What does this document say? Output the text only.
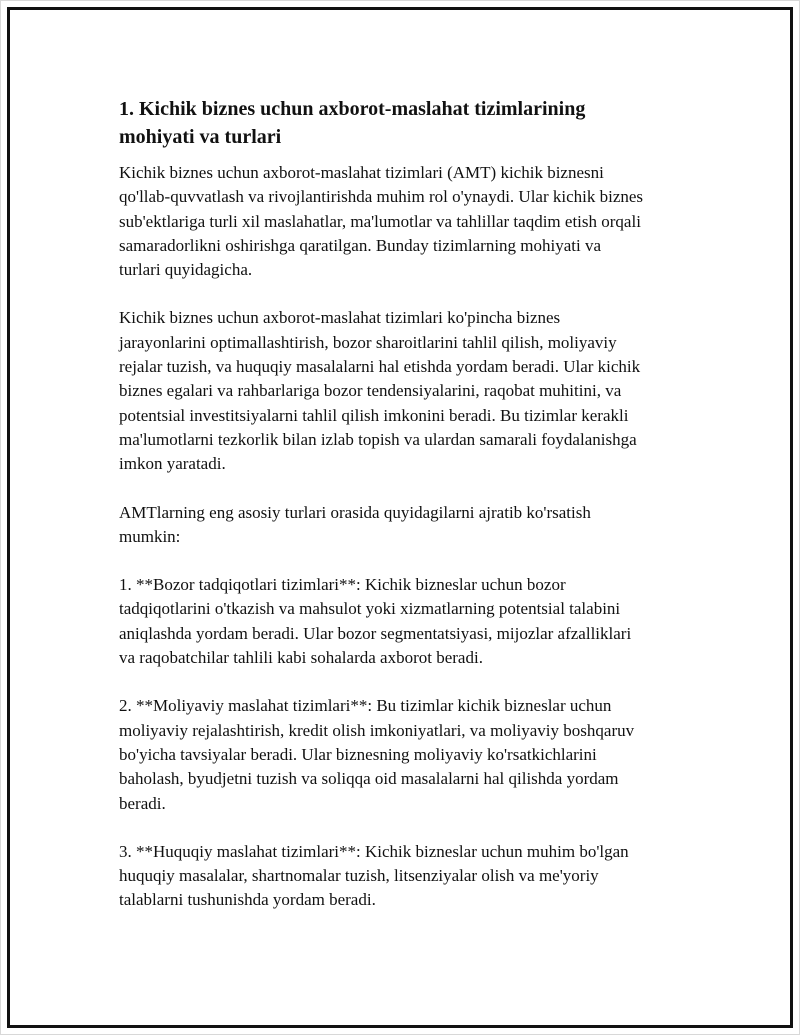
1. Kichik biznes uchun axborot-maslahat tizimlarining
mohiyati va turlari

Kichik biznes uchun axborot-maslahat tizimlari (AMT) kichik biznesni
qo'llab-quvvatlash va rivojlantirishda muhim rol o'ynaydi. Ular kichik biznes
sub'ektlariga turli xil maslahatlar, ma'lumotlar va tahlillar taqdim etish orqali
samaradorlikni oshirishga qaratilgan. Bunday tizimlarning mohiyati va
turlari quyidagicha.

Kichik biznes uchun axborot-maslahat tizimlari ko'pincha biznes
jarayonlarini optimallashtirish, bozor sharoitlarini tahlil qilish, moliyaviy
rejalar tuzish, va huquqiy masalalarni hal etishda yordam beradi. Ular kichik
biznes egalari va rahbarlariga bozor tendensiyalarini, raqobat muhitini, va
potentsial investitsiyalarni tahlil qilish imkonini beradi. Bu tizimlar kerakli
ma'lumotlarni tezkorlik bilan izlab topish va ulardan samarali foydalanishga
imkon yaratadi.

AMTlarning eng asosiy turlari orasida quyidagilarni ajratib ko'rsatish
mumkin:

1. **Bozor tadqiqotlari tizimlari**: Kichik bizneslar uchun bozor
tadqiqotlarini o'tkazish va mahsulot yoki xizmatlarning potentsial talabini
aniqlashda yordam beradi. Ular bozor segmentatsiyasi, mijozlar afzalliklari
va raqobatchilar tahlili kabi sohalarda axborot beradi.

2. **Moliyaviy maslahat tizimlari**: Bu tizimlar kichik bizneslar uchun
moliyaviy rejalashtirish, kredit olish imkoniyatlari, va moliyaviy boshqaruv
bo'yicha tavsiyalar beradi. Ular biznesning moliyaviy ko'rsatkichlarini
baholash, byudjetni tuzish va soliqqa oid masalalarni hal qilishda yordam
beradi.

3. **Huquqiy maslahat tizimlari**: Kichik bizneslar uchun muhim bo'lgan
huquqiy masalalar, shartnomalar tuzish, litsenziyalar olish va me'yoriy
talablarni tushunishda yordam beradi.
